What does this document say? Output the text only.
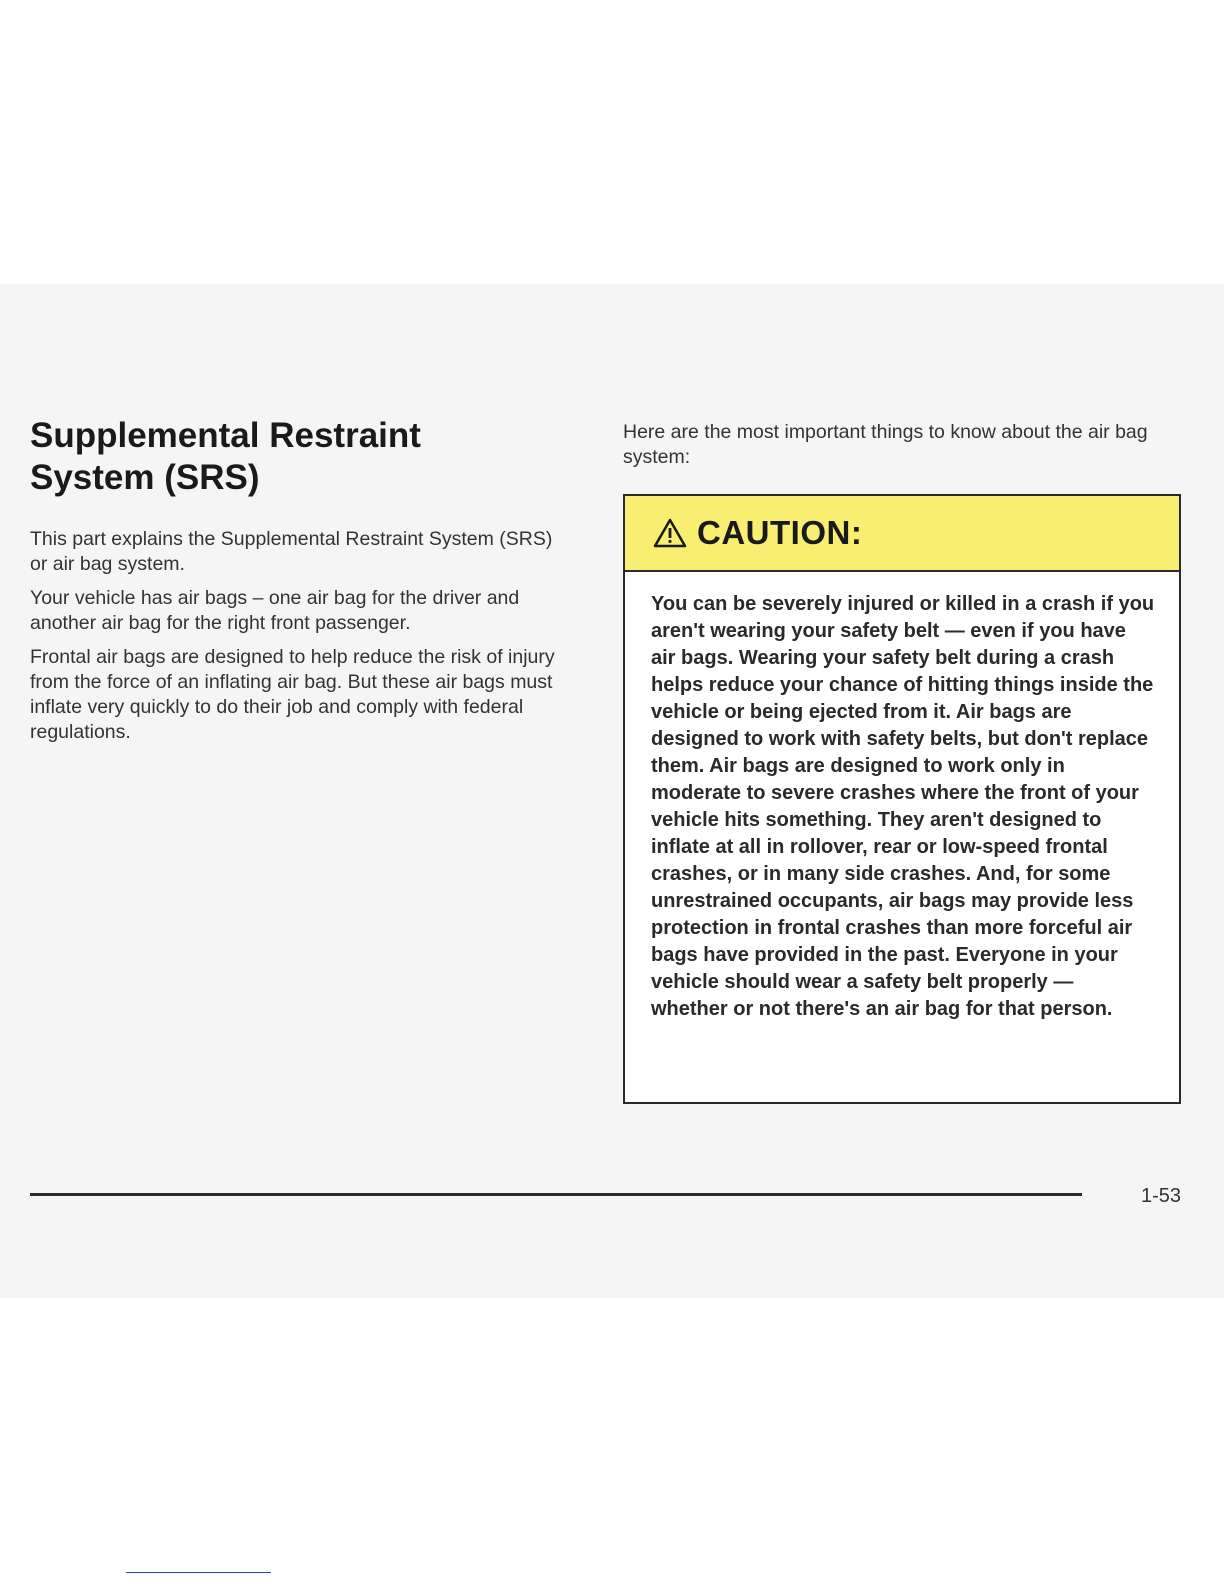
Supplemental Restraint System (SRS)

This part explains the Supplemental Restraint System (SRS) or air bag system.

Your vehicle has air bags – one air bag for the driver and another air bag for the right front passenger.

Frontal air bags are designed to help reduce the risk of injury from the force of an inflating air bag. But these air bags must inflate very quickly to do their job and comply with federal regulations.

Here are the most important things to know about the air bag system:

CAUTION:

You can be severely injured or killed in a crash if you aren't wearing your safety belt — even if you have air bags. Wearing your safety belt during a crash helps reduce your chance of hitting things inside the vehicle or being ejected from it. Air bags are designed to work with safety belts, but don't replace them. Air bags are designed to work only in moderate to severe crashes where the front of your vehicle hits something. They aren't designed to inflate at all in rollover, rear or low-speed frontal crashes, or in many side crashes. And, for some unrestrained occupants, air bags may provide less protection in frontal crashes than more forceful air bags have provided in the past. Everyone in your vehicle should wear a safety belt properly — whether or not there's an air bag for that person.

1-53
